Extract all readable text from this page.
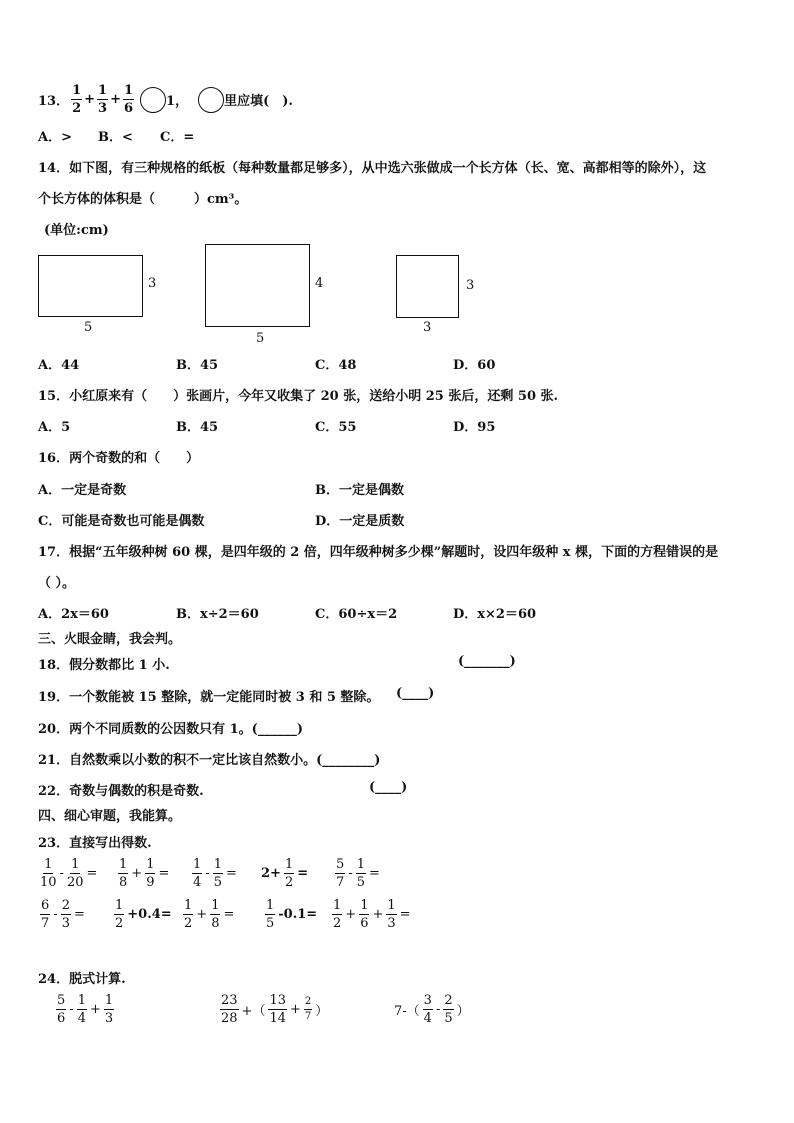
13． $\frac{1}{2} + \frac{1}{3} + \frac{1}{6} 1$，	里应填(　).
A．> B．< C．=
14．如下图，有三种规格的纸板（每种数量都足够多），从中选六张做成一个长方体（长、宽、高都相等的除外），这
个长方体的体积是（　　　）cm³。
(单位:cm)
3
5
4
5
3
3
A．44	B．45	C．48	D．60
15．小红原来有（　　）张画片，今年又收集了 20 张，送给小明 25 张后，还剩 50 张.
A．5	B．45	C．55	D．95
16．两个奇数的和（　　）
A．一定是奇数	B．一定是偶数
C．可能是奇数也可能是偶数	D．一定是质数
17．根据“五年级种树 60 棵，是四年级的 2 倍，四年级种树多少棵”解题时，设四年级种 x 棵，下面的方程错误的是
（ ）。
A．2x＝60	B．x÷2＝60	C．60÷x＝2	D．x×2＝60
三、火眼金睛，我会判。
18．假分数都比 1 小.	(_______)
19．一个数能被 15 整除，就一定能同时被 3 和 5 整除。 (____)
20．两个不同质数的公因数只有 1。(______)
21．自然数乘以小数的积不一定比该自然数小。(________)
22．奇数与偶数的积是奇数.	(____)
四、细心审题，我能算。
23．直接写出得数.
$\frac{1}{10} - \frac{1}{20} = \frac{1}{8} + \frac{1}{9} = \frac{1}{4} - \frac{1}{5} = 2+ \frac{1}{2} = \frac{5}{7} - \frac{1}{5}$ =
$\frac{6}{7} - \frac{2}{3} = \frac{1}{2} +0.4= \frac{1}{2} + \frac{1}{8} = \frac{1}{5} -0.1= \frac{1}{2} + \frac{1}{6} + \frac{1}{3}$ =
24．脱式计算.
$\frac{5}{6} - \frac{1}{4} + \frac{1}{3}$	$\frac{23}{28}$ +（ $\frac{13}{14} + \frac{2}{7}$ ）	$7-( \frac{3}{4} - \frac{2}{5}$ ）
